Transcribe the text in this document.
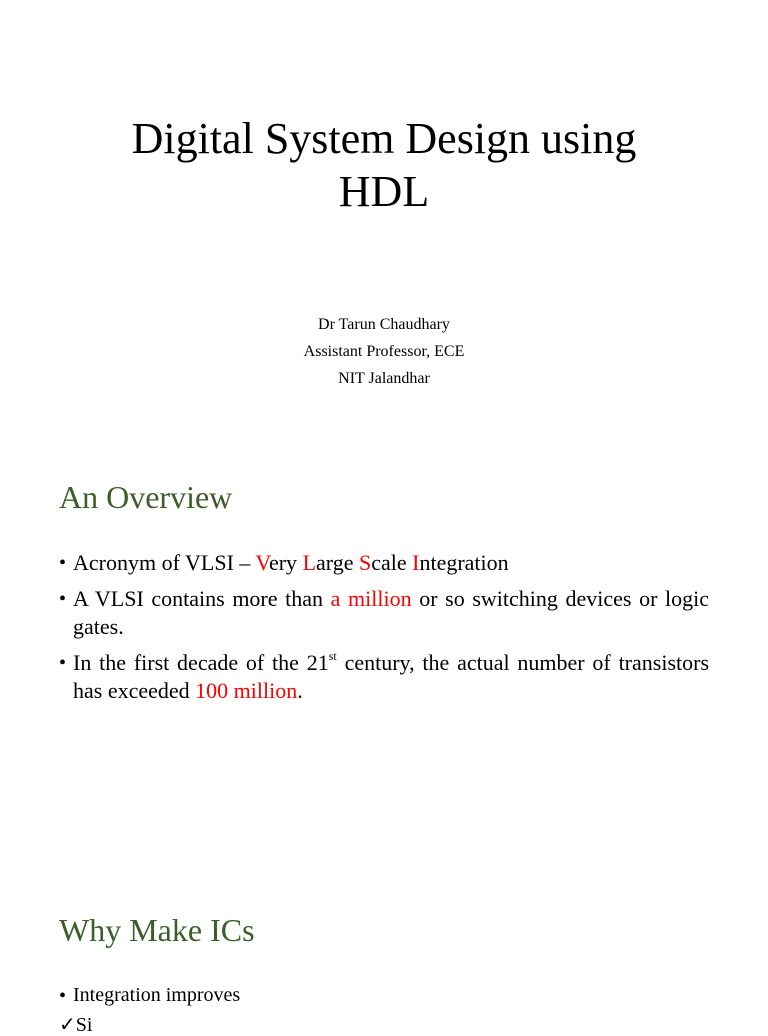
Digital System Design using
HDL
Dr Tarun Chaudhary
Assistant Professor, ECE
NIT Jalandhar
An Overview
• Acronym of VLSI – Very Large Scale Integration
• A VLSI contains more than a million or so switching devices or logic gates.
• In the first decade of the 21st century, the actual number of transistors has exceeded 100 million.
Why Make ICs
• Integration improves
✓Si
